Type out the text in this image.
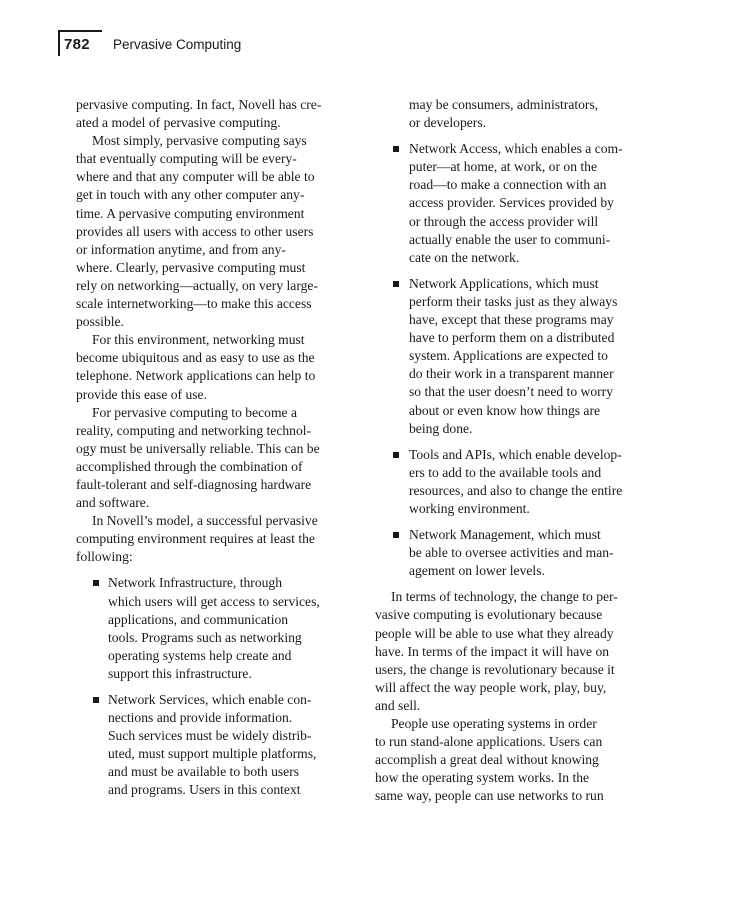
782 Pervasive Computing
pervasive computing. In fact, Novell has cre-
ated a model of pervasive computing.
Most simply, pervasive computing says
that eventually computing will be every-
where and that any computer will be able to
get in touch with any other computer any-
time. A pervasive computing environment
provides all users with access to other users
or information anytime, and from any-
where. Clearly, pervasive computing must
rely on networking—actually, on very large-
scale internetworking—to make this access
possible.
For this environment, networking must
become ubiquitous and as easy to use as the
telephone. Network applications can help to
provide this ease of use.
For pervasive computing to become a
reality, computing and networking technol-
ogy must be universally reliable. This can be
accomplished through the combination of
fault-tolerant and self-diagnosing hardware
and software.
In Novell’s model, a successful pervasive
computing environment requires at least the
following:
Network Infrastructure, through
which users will get access to services,
applications, and communication
tools. Programs such as networking
operating systems help create and
support this infrastructure.
Network Services, which enable con-
nections and provide information.
Such services must be widely distrib-
uted, must support multiple platforms,
and must be available to both users
and programs. Users in this context
may be consumers, administrators,
or developers.
Network Access, which enables a com-
puter—at home, at work, or on the
road—to make a connection with an
access provider. Services provided by
or through the access provider will
actually enable the user to communi-
cate on the network.
Network Applications, which must
perform their tasks just as they always
have, except that these programs may
have to perform them on a distributed
system. Applications are expected to
do their work in a transparent manner
so that the user doesn’t need to worry
about or even know how things are
being done.
Tools and APIs, which enable develop-
ers to add to the available tools and
resources, and also to change the entire
working environment.
Network Management, which must
be able to oversee activities and man-
agement on lower levels.
In terms of technology, the change to per-
vasive computing is evolutionary because
people will be able to use what they already
have. In terms of the impact it will have on
users, the change is revolutionary because it
will affect the way people work, play, buy,
and sell.
People use operating systems in order
to run stand-alone applications. Users can
accomplish a great deal without knowing
how the operating system works. In the
same way, people can use networks to run
